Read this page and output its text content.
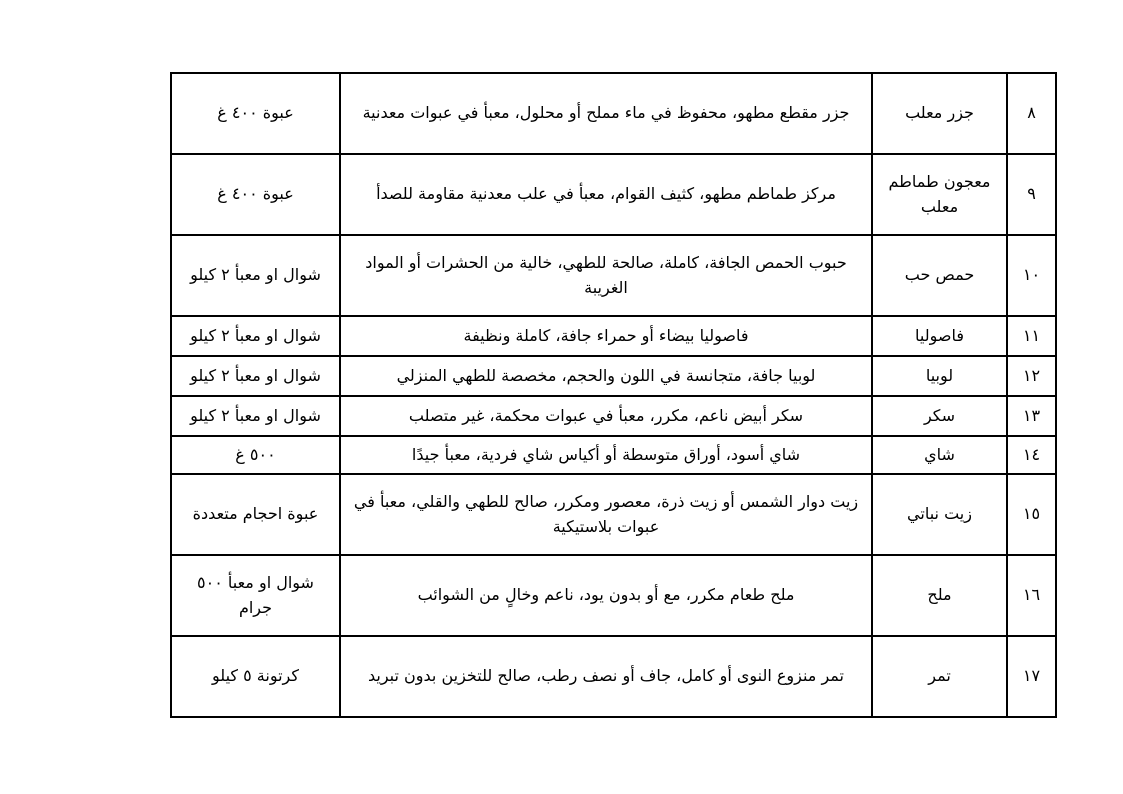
٨	جزر معلب	جزر مقطع مطهو، محفوظ في ماء مملح أو محلول، معبأ في عبوات معدنية	عبوة ٤٠٠ غ
٩	معجون طماطم معلب	مركز طماطم مطهو، كثيف القوام، معبأ في علب معدنية مقاومة للصدأ	عبوة ٤٠٠ غ
١٠	حمص حب	حبوب الحمص الجافة، كاملة، صالحة للطهي، خالية من الحشرات أو المواد الغريبة	شوال او معبأ ٢ كيلو
١١	فاصوليا	فاصوليا بيضاء أو حمراء جافة، كاملة ونظيفة	شوال او معبأ ٢ كيلو
١٢	لوبيا	لوبيا جافة، متجانسة في اللون والحجم، مخصصة للطهي المنزلي	شوال او معبأ ٢ كيلو
١٣	سكر	سكر أبيض ناعم، مكرر، معبأ في عبوات محكمة، غير متصلب	شوال او معبأ ٢ كيلو
١٤	شاي	شاي أسود، أوراق متوسطة أو أكياس شاي فردية، معبأ جيدًا	٥٠٠ غ
١٥	زيت نباتي	زيت دوار الشمس أو زيت ذرة، معصور ومكرر، صالح للطهي والقلي، معبأ في عبوات بلاستيكية	عبوة احجام متعددة
١٦	ملح	ملح طعام مكرر، مع أو بدون يود، ناعم وخالٍ من الشوائب	شوال او معبأ ٥٠٠ جرام
١٧	تمر	تمر منزوع النوى أو كامل، جاف أو نصف رطب، صالح للتخزين بدون تبريد	كرتونة ٥ كيلو
